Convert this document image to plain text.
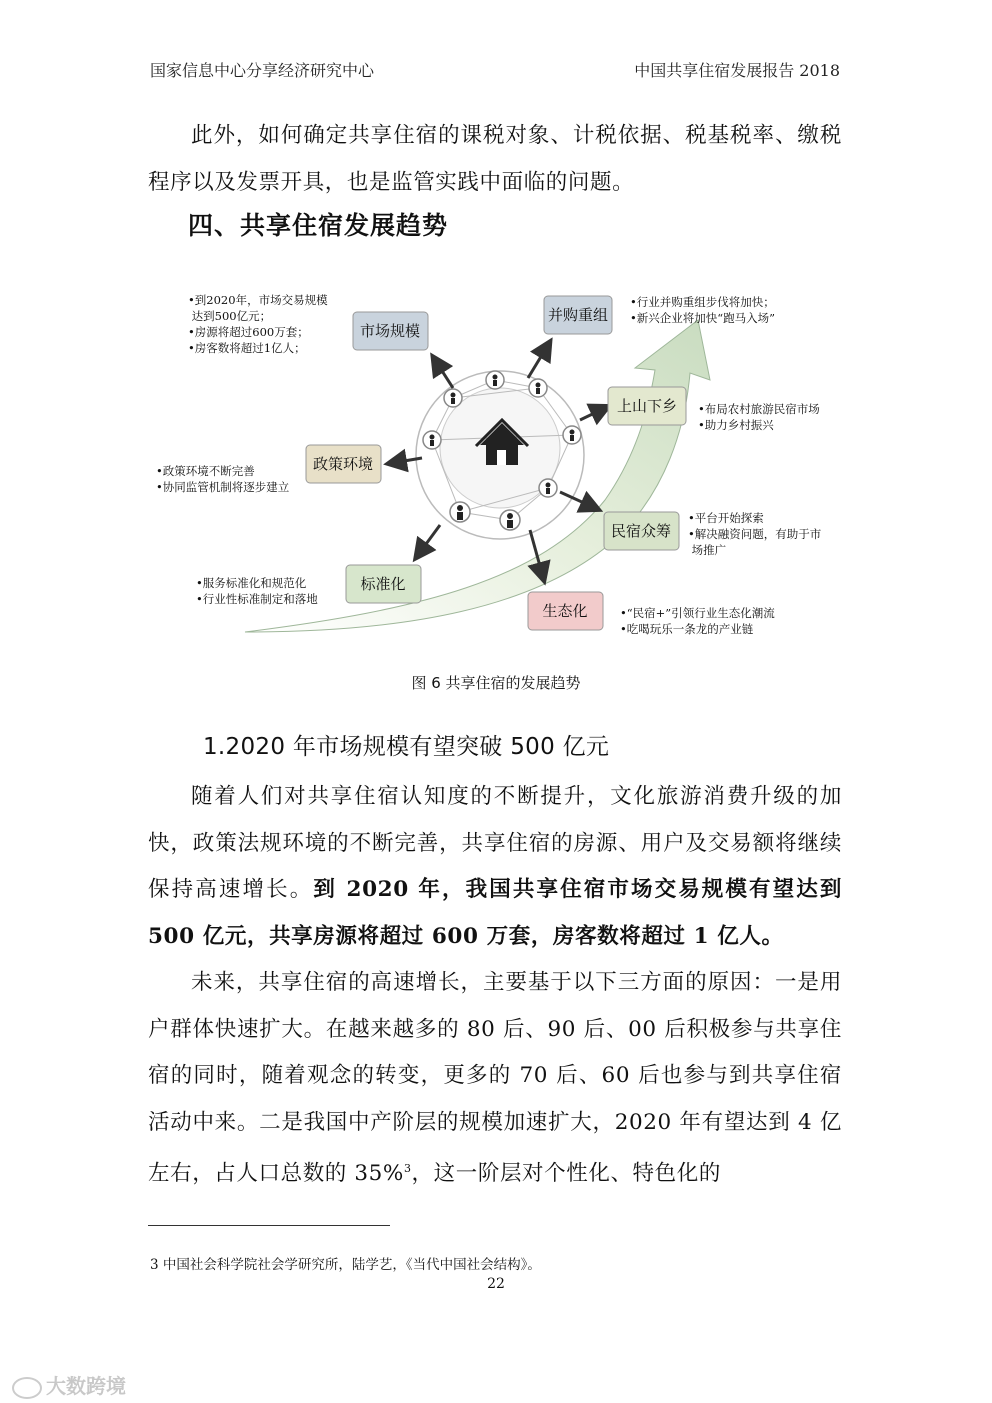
国家信息中心分享经济研究中心	中国共享住宿发展报告 2018
此外，如何确定共享住宿的课税对象、计税依据、税基税率、缴税程序以及发票开具，也是监管实践中面临的问题。
四、共享住宿发展趋势
市场规模
并购重组
上山下乡
政策环境
民宿众筹
标准化
生态化
•到2020年，市场交易规模
达到500亿元；
•房源将超过600万套；
•房客数将超过1亿人；
•行业并购重组步伐将加快；
•新兴企业将加快“跑马入场”
•布局农村旅游民宿市场
•助力乡村振兴
•政策环境不断完善
•协同监管机制将逐步建立
•平台开始探索
•解决融资问题，有助于市
场推广
•服务标准化和规范化
•行业性标准制定和落地
•“民宿+”引领行业生态化潮流
•吃喝玩乐一条龙的产业链
图 6 共享住宿的发展趋势
1.2020 年市场规模有望突破 500 亿元
随着人们对共享住宿认知度的不断提升，文化旅游消费升级的加快，政策法规环境的不断完善，共享住宿的房源、用户及交易额将继续保持高速增长。到 2020 年，我国共享住宿市场交易规模有望达到 500 亿元，共享房源将超过 600 万套，房客数将超过 1 亿人。
未来，共享住宿的高速增长，主要基于以下三方面的原因：一是用户群体快速扩大。在越来越多的 80 后、90 后、00 后积极参与共享住宿的同时，随着观念的转变，更多的 70 后、60 后也参与到共享住宿活动中来。二是我国中产阶层的规模加速扩大，2020 年有望达到 4 亿左右，占人口总数的 35%$^3$，这一阶层对个性化、特色化的
3 中国社会科学院社会学研究所，陆学艺，《当代中国社会结构》。
22
大数跨境
